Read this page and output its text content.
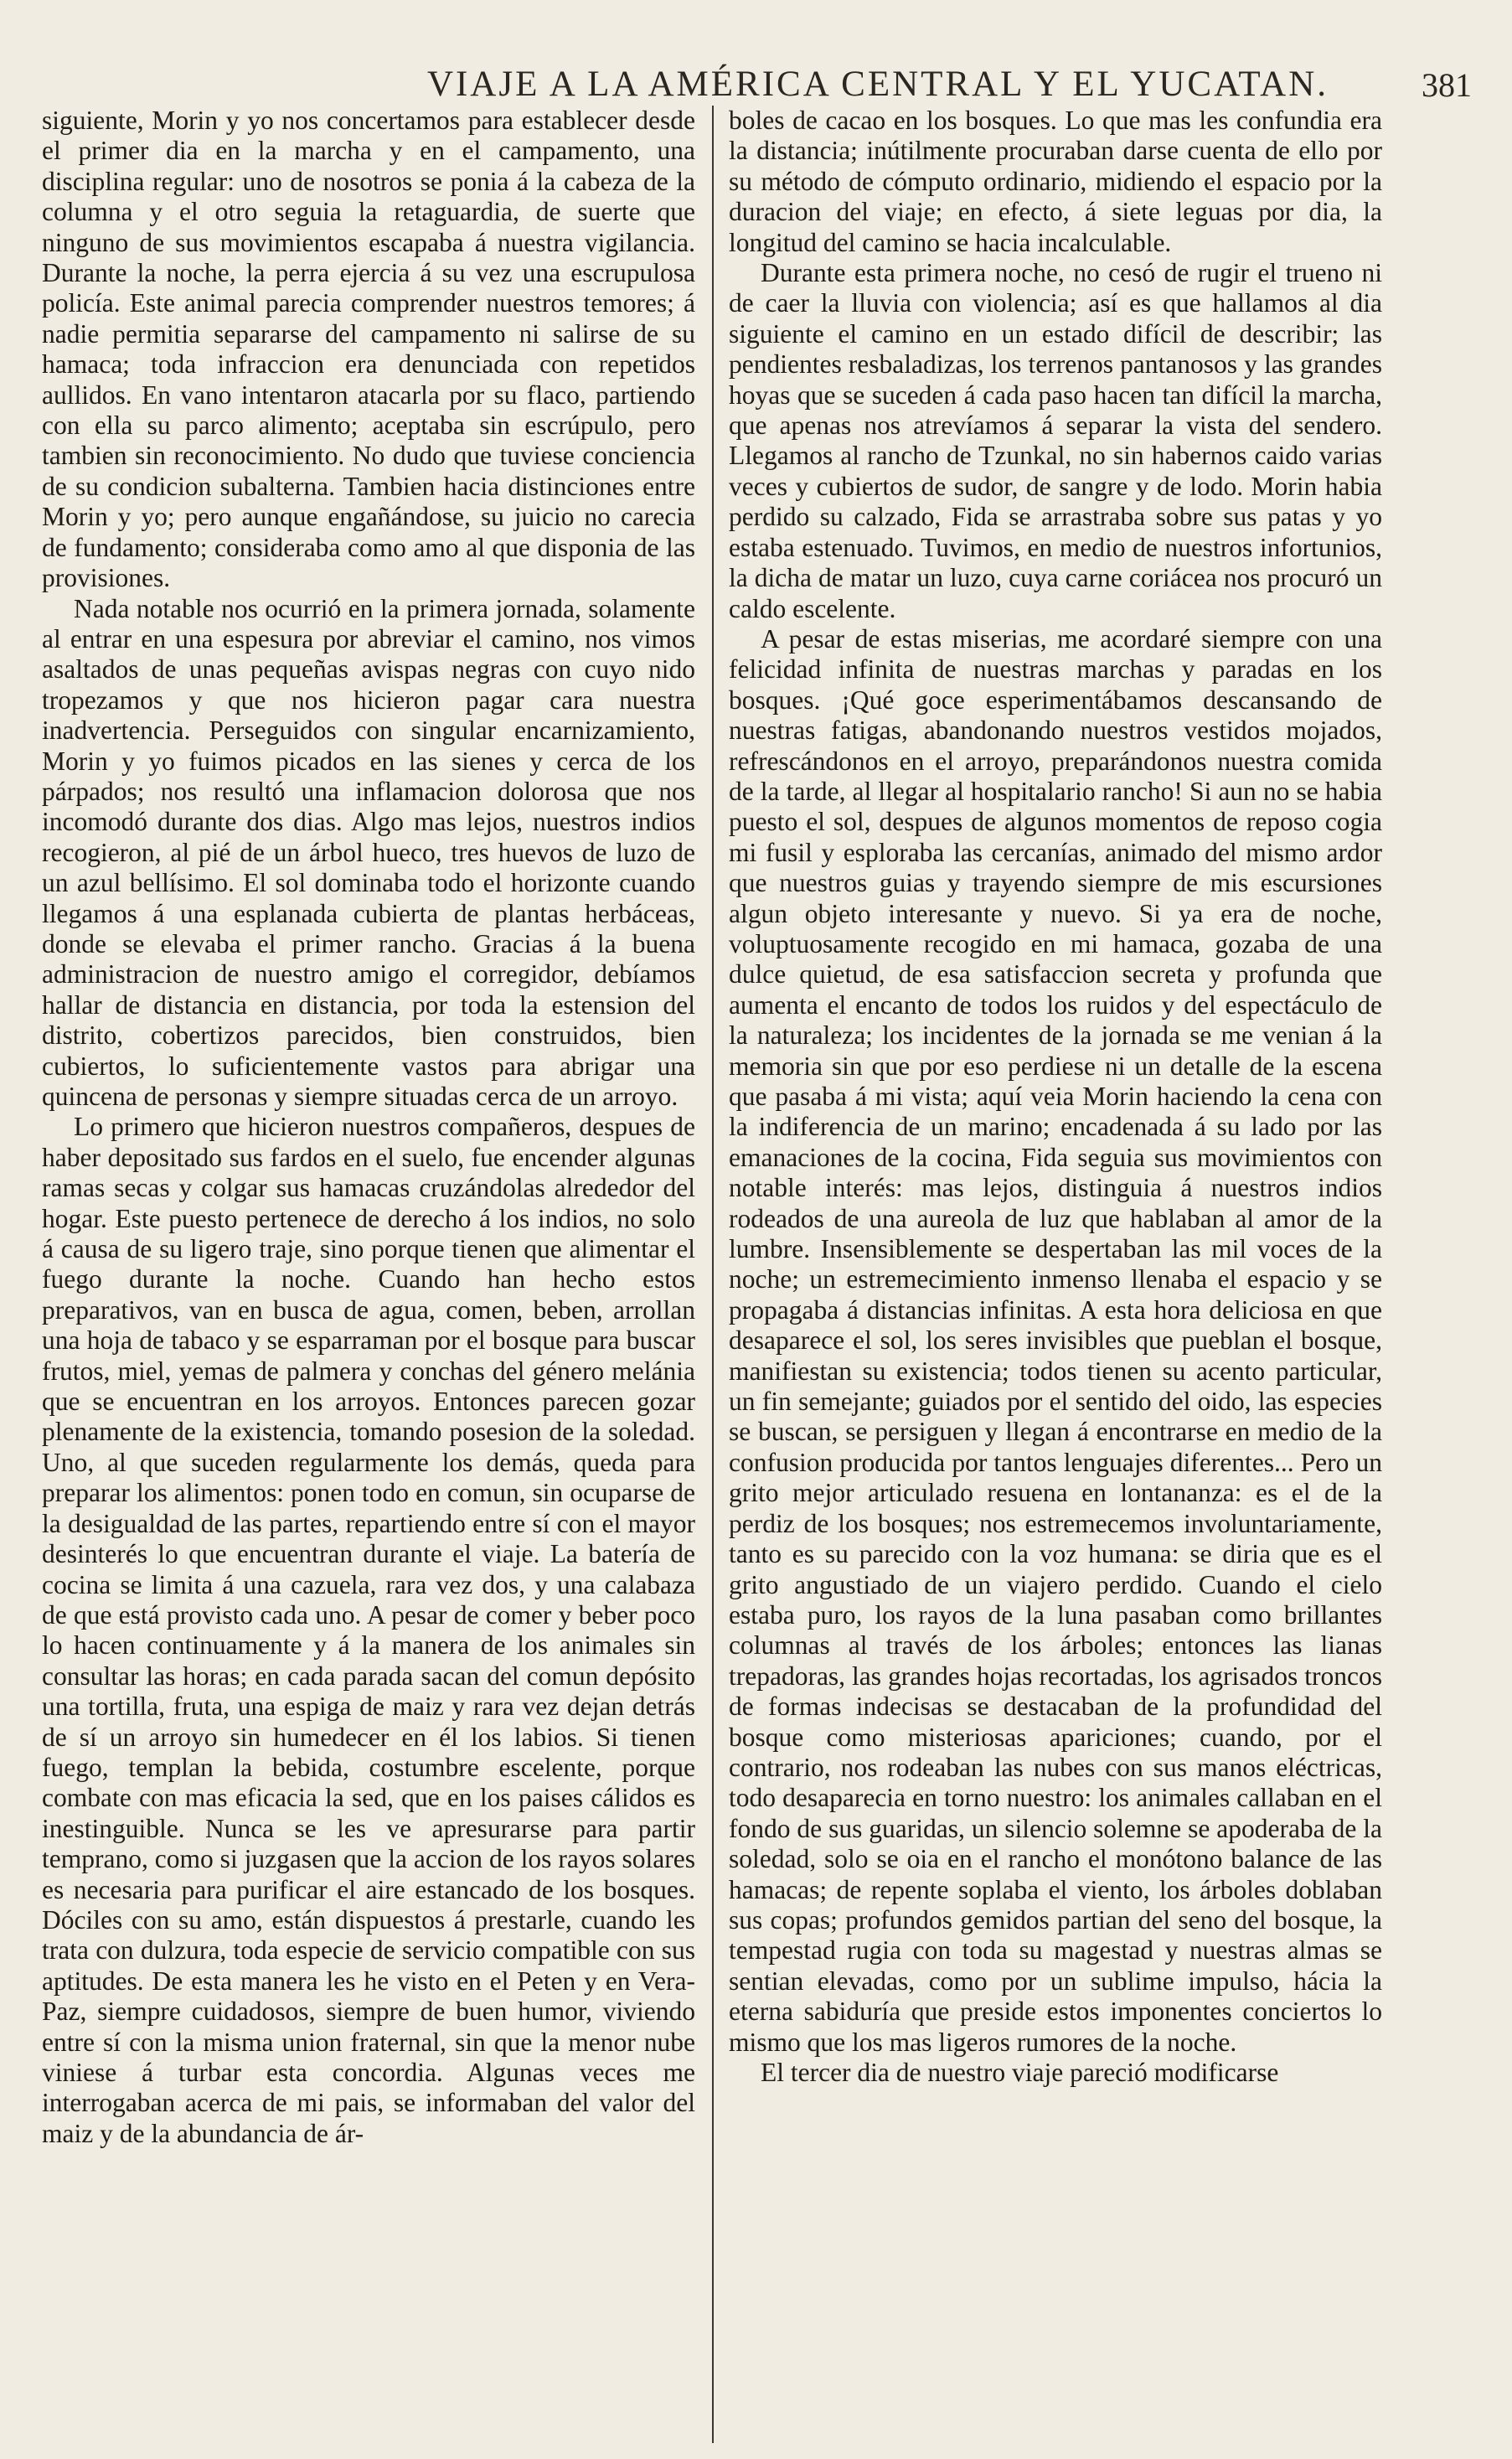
VIAJE A LA AMÉRICA CENTRAL Y EL YUCATAN.	381

siguiente, Morin y yo nos concertamos para establecer desde el primer dia en la marcha y en el campamento, una disciplina regular: uno de nosotros se ponia á la cabeza de la columna y el otro seguia la retaguardia, de suerte que ninguno de sus movimientos escapaba á nuestra vigilancia. Durante la noche, la perra ejercia á su vez una escrupulosa policía. Este animal parecia comprender nuestros temores; á nadie permitia separarse del campamento ni salirse de su hamaca; toda infraccion era denunciada con repetidos aullidos. En vano intentaron atacarla por su flaco, partiendo con ella su parco alimento; aceptaba sin escrúpulo, pero tambien sin reconocimiento. No dudo que tuviese conciencia de su condicion subalterna. Tambien hacia distinciones entre Morin y yo; pero aunque engañándose, su juicio no carecia de fundamento; consideraba como amo al que disponia de las provisiones.

Nada notable nos ocurrió en la primera jornada, solamente al entrar en una espesura por abreviar el camino, nos vimos asaltados de unas pequeñas avispas negras con cuyo nido tropezamos y que nos hicieron pagar cara nuestra inadvertencia. Perseguidos con singular encarnizamiento, Morin y yo fuimos picados en las sienes y cerca de los párpados; nos resultó una inflamacion dolorosa que nos incomodó durante dos dias. Algo mas lejos, nuestros indios recogieron, al pié de un árbol hueco, tres huevos de luzo de un azul bellísimo. El sol dominaba todo el horizonte cuando llegamos á una esplanada cubierta de plantas herbáceas, donde se elevaba el primer rancho. Gracias á la buena administracion de nuestro amigo el corregidor, debíamos hallar de distancia en distancia, por toda la estension del distrito, cobertizos parecidos, bien construidos, bien cubiertos, lo suficientemente vastos para abrigar una quincena de personas y siempre situadas cerca de un arroyo.

Lo primero que hicieron nuestros compañeros, despues de haber depositado sus fardos en el suelo, fue encender algunas ramas secas y colgar sus hamacas cruzándolas alrededor del hogar. Este puesto pertenece de derecho á los indios, no solo á causa de su ligero traje, sino porque tienen que alimentar el fuego durante la noche. Cuando han hecho estos preparativos, van en busca de agua, comen, beben, arrollan una hoja de tabaco y se esparraman por el bosque para buscar frutos, miel, yemas de palmera y conchas del género melánia que se encuentran en los arroyos. Entonces parecen gozar plenamente de la existencia, tomando posesion de la soledad. Uno, al que suceden regularmente los demás, queda para preparar los alimentos: ponen todo en comun, sin ocuparse de la desigualdad de las partes, repartiendo entre sí con el mayor desinterés lo que encuentran durante el viaje. La batería de cocina se limita á una cazuela, rara vez dos, y una calabaza de que está provisto cada uno. A pesar de comer y beber poco lo hacen continuamente y á la manera de los animales sin consultar las horas; en cada parada sacan del comun depósito una tortilla, fruta, una espiga de maiz y rara vez dejan detrás de sí un arroyo sin humedecer en él los labios. Si tienen fuego, templan la bebida, costumbre escelente, porque combate con mas eficacia la sed, que en los paises cálidos es inestinguible. Nunca se les ve apresurarse para partir temprano, como si juzgasen que la accion de los rayos solares es necesaria para purificar el aire estancado de los bosques. Dóciles con su amo, están dispuestos á prestarle, cuando les trata con dulzura, toda especie de servicio compatible con sus aptitudes. De esta manera les he visto en el Peten y en Vera-Paz, siempre cuidadosos, siempre de buen humor, viviendo entre sí con la misma union fraternal, sin que la menor nube viniese á turbar esta concordia. Algunas veces me interrogaban acerca de mi pais, se informaban del valor del maiz y de la abundancia de ár-

boles de cacao en los bosques. Lo que mas les confundia era la distancia; inútilmente procuraban darse cuenta de ello por su método de cómputo ordinario, midiendo el espacio por la duracion del viaje; en efecto, á siete leguas por dia, la longitud del camino se hacia incalculable.

Durante esta primera noche, no cesó de rugir el trueno ni de caer la lluvia con violencia; así es que hallamos al dia siguiente el camino en un estado difícil de describir; las pendientes resbaladizas, los terrenos pantanosos y las grandes hoyas que se suceden á cada paso hacen tan difícil la marcha, que apenas nos atrevíamos á separar la vista del sendero. Llegamos al rancho de Tzunkal, no sin habernos caido varias veces y cubiertos de sudor, de sangre y de lodo. Morin habia perdido su calzado, Fida se arrastraba sobre sus patas y yo estaba estenuado. Tuvimos, en medio de nuestros infortunios, la dicha de matar un luzo, cuya carne coriácea nos procuró un caldo escelente.

A pesar de estas miserias, me acordaré siempre con una felicidad infinita de nuestras marchas y paradas en los bosques. ¡Qué goce esperimentábamos descansando de nuestras fatigas, abandonando nuestros vestidos mojados, refrescándonos en el arroyo, preparándonos nuestra comida de la tarde, al llegar al hospitalario rancho! Si aun no se habia puesto el sol, despues de algunos momentos de reposo cogia mi fusil y esploraba las cercanías, animado del mismo ardor que nuestros guias y trayendo siempre de mis escursiones algun objeto interesante y nuevo. Si ya era de noche, voluptuosamente recogido en mi hamaca, gozaba de una dulce quietud, de esa satisfaccion secreta y profunda que aumenta el encanto de todos los ruidos y del espectáculo de la naturaleza; los incidentes de la jornada se me venian á la memoria sin que por eso perdiese ni un detalle de la escena que pasaba á mi vista; aquí veia Morin haciendo la cena con la indiferencia de un marino; encadenada á su lado por las emanaciones de la cocina, Fida seguia sus movimientos con notable interés: mas lejos, distinguia á nuestros indios rodeados de una aureola de luz que hablaban al amor de la lumbre. Insensiblemente se despertaban las mil voces de la noche; un estremecimiento inmenso llenaba el espacio y se propagaba á distancias infinitas. A esta hora deliciosa en que desaparece el sol, los seres invisibles que pueblan el bosque, manifiestan su existencia; todos tienen su acento particular, un fin semejante; guiados por el sentido del oido, las especies se buscan, se persiguen y llegan á encontrarse en medio de la confusion producida por tantos lenguajes diferentes... Pero un grito mejor articulado resuena en lontananza: es el de la perdiz de los bosques; nos estremecemos involuntariamente, tanto es su parecido con la voz humana: se diria que es el grito angustiado de un viajero perdido. Cuando el cielo estaba puro, los rayos de la luna pasaban como brillantes columnas al través de los árboles; entonces las lianas trepadoras, las grandes hojas recortadas, los agrisados troncos de formas indecisas se destacaban de la profundidad del bosque como misteriosas apariciones; cuando, por el contrario, nos rodeaban las nubes con sus manos eléctricas, todo desaparecia en torno nuestro: los animales callaban en el fondo de sus guaridas, un silencio solemne se apoderaba de la soledad, solo se oia en el rancho el monótono balance de las hamacas; de repente soplaba el viento, los árboles doblaban sus copas; profundos gemidos partian del seno del bosque, la tempestad rugia con toda su magestad y nuestras almas se sentian elevadas, como por un sublime impulso, hácia la eterna sabiduría que preside estos imponentes conciertos lo mismo que los mas ligeros rumores de la noche.

El tercer dia de nuestro viaje pareció modificarse
